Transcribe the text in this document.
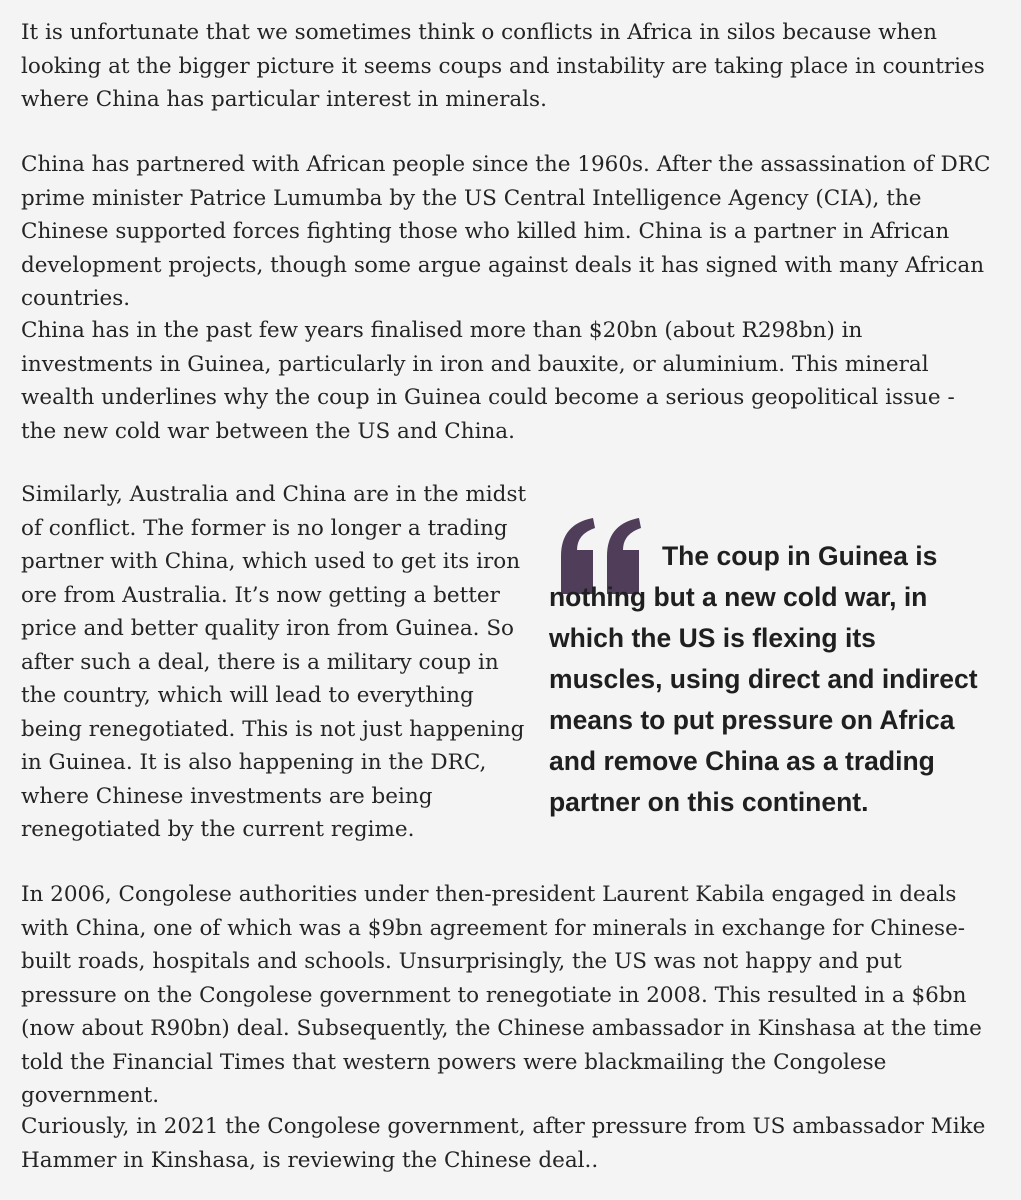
It is unfortunate that we sometimes think o conflicts in Africa in silos because when looking at the bigger picture it seems coups and instability are taking place in countries where China has particular interest in minerals.

China has partnered with African people since the 1960s. After the assassination of DRC prime minister Patrice Lumumba by the US Central Intelligence Agency (CIA), the Chinese supported forces fighting those who killed him. China is a partner in African development projects, though some argue against deals it has signed with many African countries.

China has in the past few years finalised more than $20bn (about R298bn) in investments in Guinea, particularly in iron and bauxite, or aluminium. This mineral wealth underlines why the coup in Guinea could become a serious geopolitical issue - the new cold war between the US and China.

Similarly, Australia and China are in the midst of conflict. The former is no longer a trading partner with China, which used to get its iron ore from Australia. It’s now getting a better price and better quality iron from Guinea. So after such a deal, there is a military coup in the country, which will lead to everything being renegotiated. This is not just happening in Guinea. It is also happening in the DRC, where Chinese investments are being renegotiated by the current regime.

In 2006, Congolese authorities under then-president Laurent Kabila engaged in deals with China, one of which was a $9bn agreement for minerals in exchange for Chinese-built roads, hospitals and schools. Unsurprisingly, the US was not happy and put pressure on the Congolese government to renegotiate in 2008. This resulted in a $6bn (now about R90bn) deal. Subsequently, the Chinese ambassador in Kinshasa at the time told the Financial Times that western powers were blackmailing the Congolese government.

Curiously, in 2021 the Congolese government, after pressure from US ambassador Mike Hammer in Kinshasa, is reviewing the Chinese deal..

The coup in Guinea is nothing but a new cold war, in which the US is flexing its muscles, using direct and indirect means to put pressure on Africa and remove China as a trading partner on this continent.
